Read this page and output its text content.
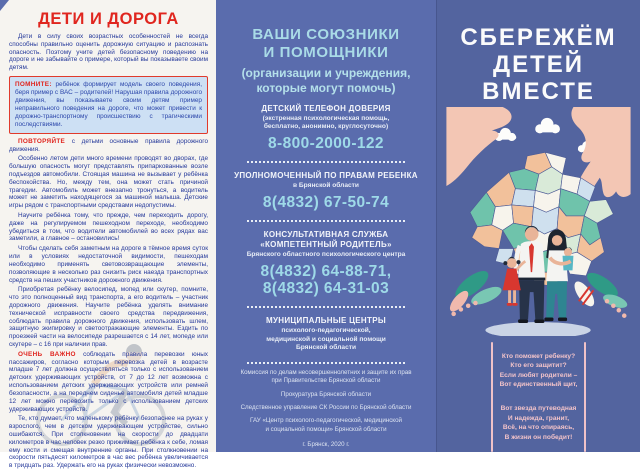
ДЕТИ И ДОРОГА

Дети в силу своих возрастных особенностей не всегда способны правильно оценить дорожную ситуацию и распознать опасность. Поэтому учите детей безопасному поведению на дороге и не забывайте о примере, который вы показываете своим детям.

ПОМНИТЕ: ребёнок формирует модель своего поведения, беря пример с ВАС – родителей! Нарушая правила дорожного движения, вы показываете своим детям пример неправильного поведения на дороге, что может привести к дорожно-транспортному происшествию с трагическими последствиями.

ПОВТОРЯЙТЕ с детьми основные правила дорожного движения.

Особенно летом дети много времени проводят во дворах, где большую опасность могут представлять припаркованные возле подъездов автомобили. Стоящая машина не вызывает у ребёнка беспокойства. Но, между тем, она может стать причиной трагедии. Автомобиль может внезапно тронуться, а водитель может не заметить находящегося за машиной малыша. Детские игры рядом с транспортными средствами недопустимы.

Научите ребёнка тому, что прежде, чем переходить дорогу, даже на регулируемом пешеходном переходе, необходимо убедиться в том, что водители автомобилей во всех рядах вас заметили, а главное – остановились!

Чтобы сделать себя заметным на дороге в тёмное время суток или в условиях недостаточной видимости, пешеходам необходимо применять световозвращающие элементы, позволяющие в несколько раз снизить риск наезда транспортных средств на пеших участников дорожного движения.

Приобретая ребёнку велосипед, мопед или скутер, помните, что это полноценный вид транспорта, а его водитель – участник дорожного движения. Научите ребёнка уделять внимание технической исправности своего средства передвижения, соблюдать правила дорожного движения, использовать шлем, защитную экипировку и светоотражающие элементы. Ездить по проезжей части на велосипеде разрешается с 14 лет, мопеде или скутере – с 16 при наличии прав.

ОЧЕНЬ ВАЖНО соблюдать правила перевозки юных пассажиров, согласно которым перевозка детей в возрасте младше 7 лет должна осуществляться только с использованием детских удерживающих устройств, от 7 до 12 лет возможна с использованием детских удерживающих устройств или ремней безопасности, а на переднем сиденье автомобиля детей младше 12 лет можно перевозить только с использованием детских удерживающих устройств.

Те, кто думает, что маленькому ребёнку безопаснее на руках у взрослого, чем в детском удерживающем устройстве, сильно ошибаются. При столкновении на скорости до двадцати километров в час человек резко прижимает ребёнка к себе, ломая ему кости и смещая внутренние органы. При столкновении на скорости пятьдесят километров в час вес ребёнка увеличивается в тридцать раз. Удержать его на руках физически невозможно.

ВАШИ СОЮЗНИКИ
И ПОМОЩНИКИ
(организации и учреждения,
которые могут помочь)
ДЕТСКИЙ ТЕЛЕФОН ДОВЕРИЯ
(экстренная психологическая помощь,
бесплатно, анонимно, круглосуточно)
8-800-2000-122
УПОЛНОМОЧЕННЫЙ ПО ПРАВАМ РЕБЕНКА
в Брянской области
8(4832) 67-50-74
КОНСУЛЬТАТИВНАЯ СЛУЖБА
«КОМПЕТЕНТНЫЙ РОДИТЕЛЬ»
Брянского областного психологического центра
8(4832) 64-88-71,
8(4832) 64-31-03
МУНИЦИПАЛЬНЫЕ ЦЕНТРЫ
психолого-педагогической,
медицинской и социальной помощи
Брянской области
Комиссия по делам несовершеннолетних и защите их прав
при Правительстве Брянской области
Прокуратура Брянской области
Следственное управление СК России по Брянской области
ГАУ «Центр психолого-педагогической, медицинской
и социальной помощи» Брянской области
г. Брянск, 2020 г.
СБЕРЕЖЁМ
ДЕТЕЙ
ВМЕСТЕ

Кто поможет ребенку?
Кто его защитит?
Если любят родители –
Вот единственный щит,

Вот звезда путеводная
И надежда, гранит,
Всё, на что опираясь,
В жизни он победит!
